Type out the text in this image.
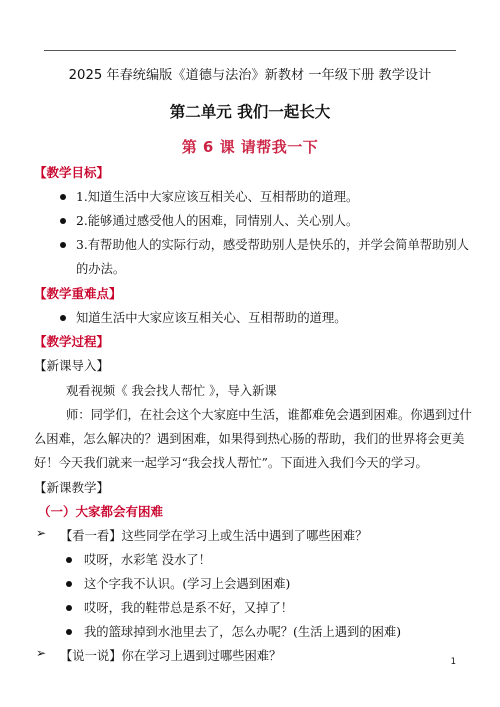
2025 年春统编版《道德与法治》新教材 一年级下册 教学设计
第二单元 我们一起长大
第 6 课 请帮我一下
【教学目标】
1.知道生活中大家应该互相关心、互相帮助的道理。
2.能够通过感受他人的困难，同情别人、关心别人。
3.有帮助他人的实际行动，感受帮助别人是快乐的，并学会简单帮助别人
的办法。
【教学重难点】
知道生活中大家应该互相关心、互相帮助的道理。
【教学过程】
【新课导入】
观看视频《 我会找人帮忙 》，导入新课
师：同学们，在社会这个大家庭中生活，谁都难免会遇到困难。你遇到过什
么困难，怎么解决的？遇到困难，如果得到热心肠的帮助，我们的世界将会更美
好！今天我们就来一起学习“我会找人帮忙”。下面进入我们今天的学习。
【新课教学】
（一）大家都会有困难
➢ 【看一看】这些同学在学习上或生活中遇到了哪些困难？
哎呀，水彩笔 没水了！
这个字我不认识。(学习上会遇到困难)
哎呀，我的鞋带总是系不好，又掉了！
我的篮球掉到水池里去了，怎么办呢？(生活上遇到的困难)
➢ 【说一说】你在学习上遇到过哪些困难？	1
